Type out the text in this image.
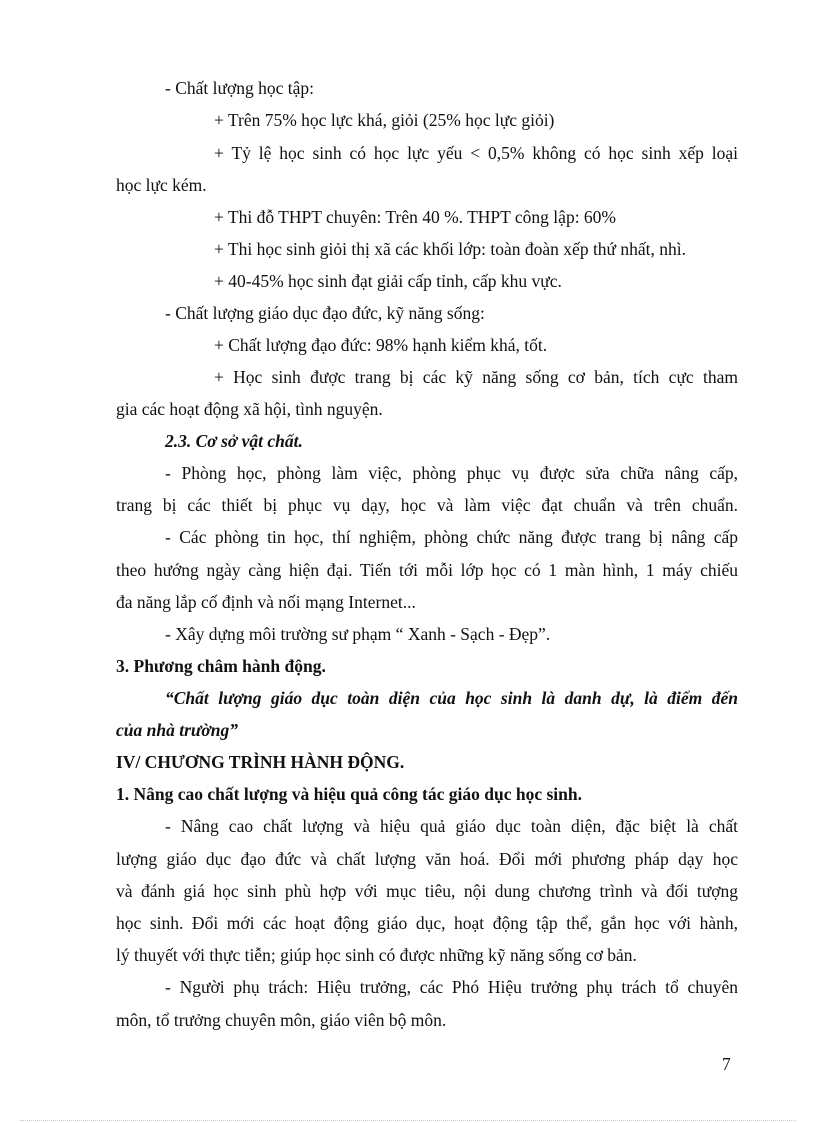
- Chất lượng học tập:

+ Trên 75% học lực khá, giỏi (25% học lực giỏi)

+ Tỷ lệ học sinh có học lực yếu < 0,5% không có học sinh xếp loại

học lực kém.

+ Thi đỗ THPT chuyên: Trên 40 %. THPT công lập: 60%

+ Thi học sinh giỏi thị xã các khối lớp: toàn đoàn xếp thứ nhất, nhì.

+ 40-45% học sinh đạt giải cấp tỉnh, cấp khu vực.

- Chất lượng giáo dục đạo đức, kỹ năng sống:

+ Chất lượng đạo đức: 98% hạnh kiểm khá, tốt.

+ Học sinh được trang bị các kỹ năng sống cơ bản, tích cực tham

gia các hoạt động xã hội, tình nguyện.

2.3. Cơ sở vật chất.

- Phòng học, phòng làm việc, phòng phục vụ được sửa chữa nâng cấp,

trang bị các thiết bị phục vụ dạy, học và làm việc đạt chuẩn và trên chuẩn.

- Các phòng tin học, thí nghiệm, phòng chức năng được trang bị nâng cấp

theo hướng ngày càng hiện đại. Tiến tới mỗi lớp học có 1 màn hình, 1 máy chiếu

đa năng lắp cố định và nối mạng Internet...

- Xây dựng môi trường sư phạm “ Xanh - Sạch - Đẹp”.

3. Phương châm hành động.

“Chất lượng giáo dục toàn diện của học sinh là danh dự, là điểm đến

của nhà trường”

IV/ CHƯƠNG TRÌNH HÀNH ĐỘNG.

1. Nâng cao chất lượng và hiệu quả công tác giáo dục học sinh.

- Nâng cao chất lượng và hiệu quả giáo dục toàn diện, đặc biệt là chất

lượng giáo dục đạo đức và chất lượng văn hoá. Đổi mới phương pháp dạy học

và đánh giá học sinh phù hợp với mục tiêu, nội dung chương trình và đối tượng

học sinh. Đổi mới các hoạt động giáo dục, hoạt động tập thể, gắn học với hành,

lý thuyết với thực tiễn; giúp học sinh có được những kỹ năng sống cơ bản.

- Người phụ trách: Hiệu trưởng, các Phó Hiệu trưởng phụ trách tổ chuyên

môn, tổ trưởng chuyên môn, giáo viên bộ môn.

7
